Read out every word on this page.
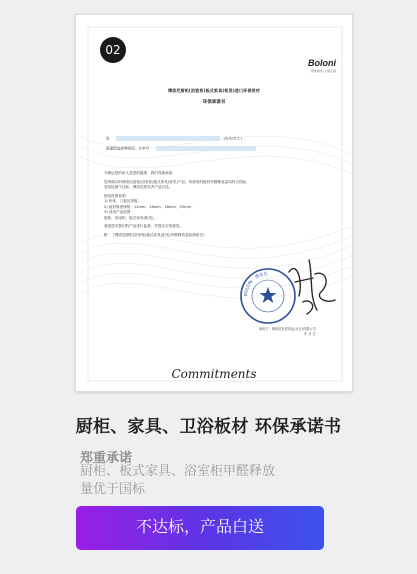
02
Boloni
整体厨房·全屋定制
博洛尼厨柜(浴室柜)板式家具(柜类)进口环保用材
环保承诺书
致：	(先生/女士)
感谢您选择博洛尼，订单号：

为保证您的家人及您的健康，我们郑重承诺：

您所购买的博洛尼厨柜(浴室柜)板式家具(柜类)产品，所使用的板材甲醛释放量均符合国标，

若经检测不达标，博洛尼将负责产品白送。

使用范围说明：

1) 柜体、门板及背板；

2) 板材厚度规格：12mm、16mm、18mm、25mm；

3) 适用产品范围：

厨柜、浴室柜、板式家具(柜类)。

欢迎您对我们的产品进行监督，并提出宝贵意见。

附：《博洛尼厨柜(浴室柜)板式家具(柜类)甲醛释放量检测报告》

BOLONI · 博洛尼

承诺方：博洛尼家居用品(北京)有限公司

年 月 日

Commitments
厨柜、家具、卫浴板材 环保承诺书
郑重承诺

厨柜、板式家具、浴室柜甲醛释放

量优于国标

不达标，产品白送
